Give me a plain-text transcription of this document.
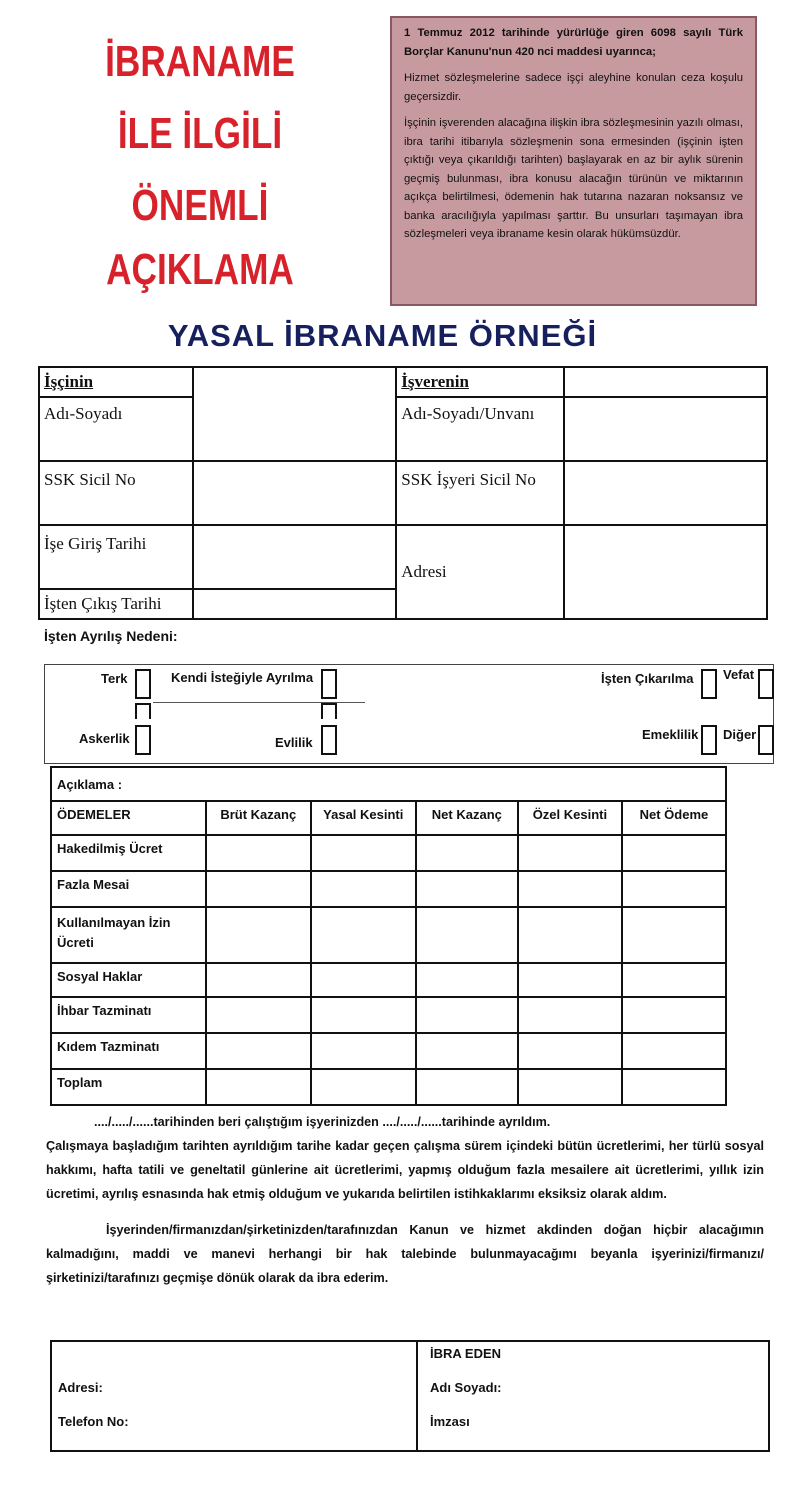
İBRANAME
İLE İLGİLİ
ÖNEMLİ AÇIKLAMA

1 Temmuz 2012 tarihinde yürürlüğe giren 6098 sayılı Türk Borçlar Kanunu'nun 420 nci maddesi uyarınca;

Hizmet sözleşmelerine sadece işçi aleyhine konulan ceza koşulu geçersizdir.

İşçinin işverenden alacağına ilişkin ibra sözleşmesinin yazılı olması, ibra tarihi itibarıyla sözleşmenin sona ermesinden (işçinin işten çıktığı veya çıkarıldığı tarihten) başlayarak en az bir aylık sürenin geçmiş bulunması, ibra konusu alacağın türünün ve miktarının açıkça belirtilmesi, ödemenin hak tutarına nazaran noksansız ve banka aracılığıyla yapılması şarttır. Bu unsurları taşımayan ibra sözleşmeleri veya ibraname kesin olarak hükümsüzdür.

YASAL İBRANAME ÖRNEĞİ
İşçinin		İşverenin	
Adı-Soyadı		Adı-Soyadı/Unvanı	
SSK Sicil No		SSK İşyeri Sicil No	
İşe Giriş Tarihi		Adresi	
İşten Çıkış Tarihi			
İşten Ayrılış Nedeni:
Terk	Kendi İsteğiyle Ayrılma	İşten Çıkarılma Vefat
Askerlik	Evlilik
Emeklilik Diğer
Açıklama :					
ÖDEMELER	Brüt Kazanç	Yasal Kesinti	Net Kazanç	Özel Kesinti	Net Ödeme
Hakedilmiş Ücret					
Fazla Mesai					
Kullanılmayan İzin Ücreti					
Sosyal Haklar					
İhbar Tazminatı					
Kıdem Tazminatı					
Toplam					
..../...../......tarihinden beri çalıştığım işyerinizden ..../...../......tarihinde ayrıldım.
Çalışmaya başladığım tarihten ayrıldığım tarihe kadar geçen çalışma sürem içindeki bütün ücretlerimi, her türlü sosyal hakkımı, hafta tatili ve geneltatil günlerine ait ücretlerimi, yapmış olduğum fazla mesailere ait ücretlerimi, yıllık izin ücretimi, ayrılış esnasında hak etmiş olduğum ve yukarıda belirtilen istihkaklarımı eksiksiz olarak aldım.
İşyerinden/firmanızdan/şirketinizden/tarafınızdan Kanun ve hizmet akdinden doğan hiçbir alacağımın kalmadığını, maddi ve manevi herhangi bir hak talebinde bulunmayacağımı beyanla işyerinizi/firmanızı/ şirketinizi/tarafınızı geçmişe dönük olarak da ibra ederim.
Adresi:
Telefon No:
İBRA EDEN
Adı Soyadı:
İmzası
